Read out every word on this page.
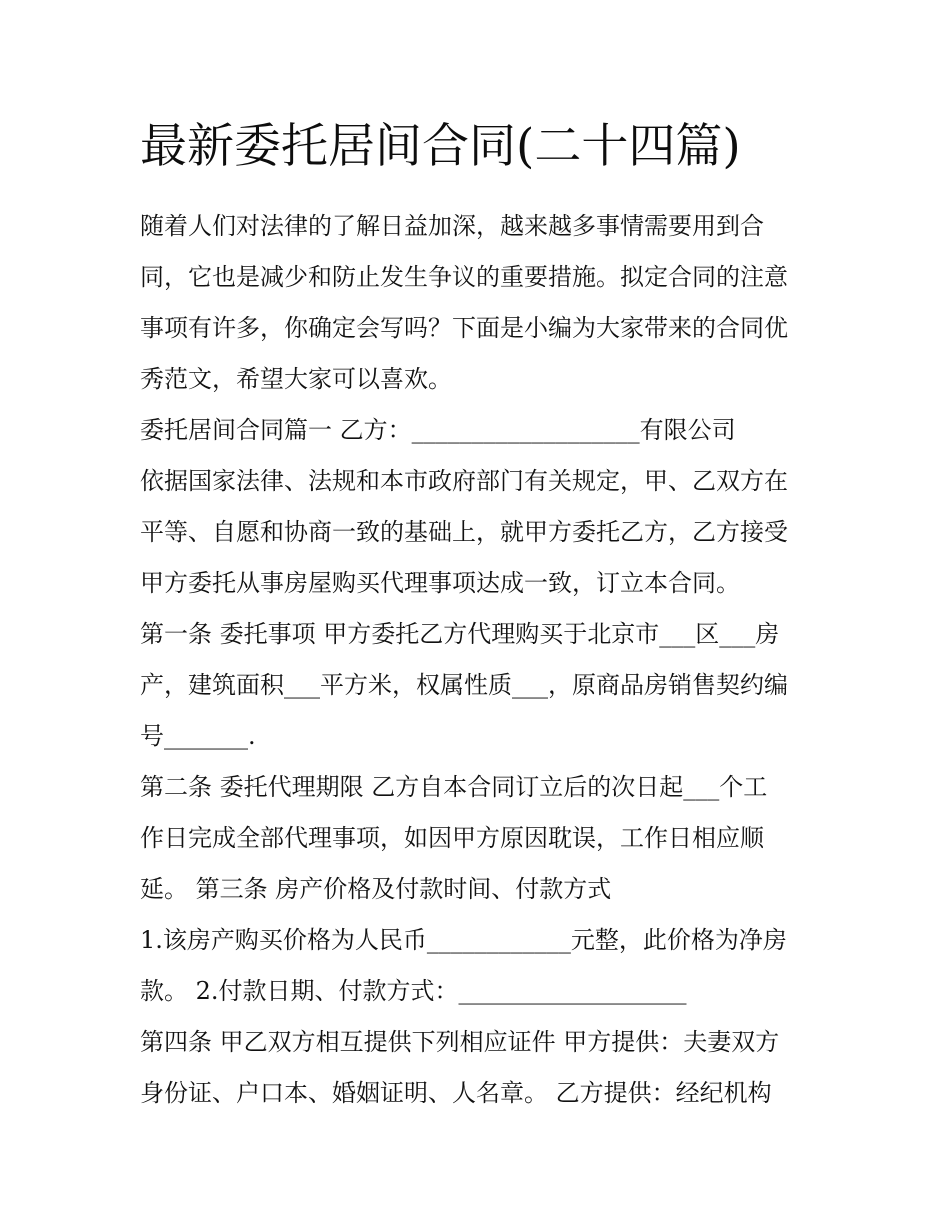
最新委托居间合同(二十四篇)
随着人们对法律的了解日益加深，越来越多事情需要用到合
同，它也是减少和防止发生争议的重要措施。拟定合同的注意
事项有许多，你确定会写吗？下面是小编为大家带来的合同优
秀范文，希望大家可以喜欢。
委托居间合同篇一 乙方：___________________有限公司
依据国家法律、法规和本市政府部门有关规定，甲、乙双方在
平等、自愿和协商一致的基础上，就甲方委托乙方，乙方接受
甲方委托从事房屋购买代理事项达成一致，订立本合同。
第一条 委托事项 甲方委托乙方代理购买于北京市___区___房
产，建筑面积___平方米，权属性质___，原商品房销售契约编
号_______.
第二条 委托代理期限 乙方自本合同订立后的次日起___个工
作日完成全部代理事项，如因甲方原因耽误，工作日相应顺
延。 第三条 房产价格及付款时间、付款方式
1.该房产购买价格为人民币____________元整，此价格为净房
款。 2.付款日期、付款方式：___________________
第四条 甲乙双方相互提供下列相应证件 甲方提供：夫妻双方
身份证、户口本、婚姻证明、人名章。 乙方提供：经纪机构
